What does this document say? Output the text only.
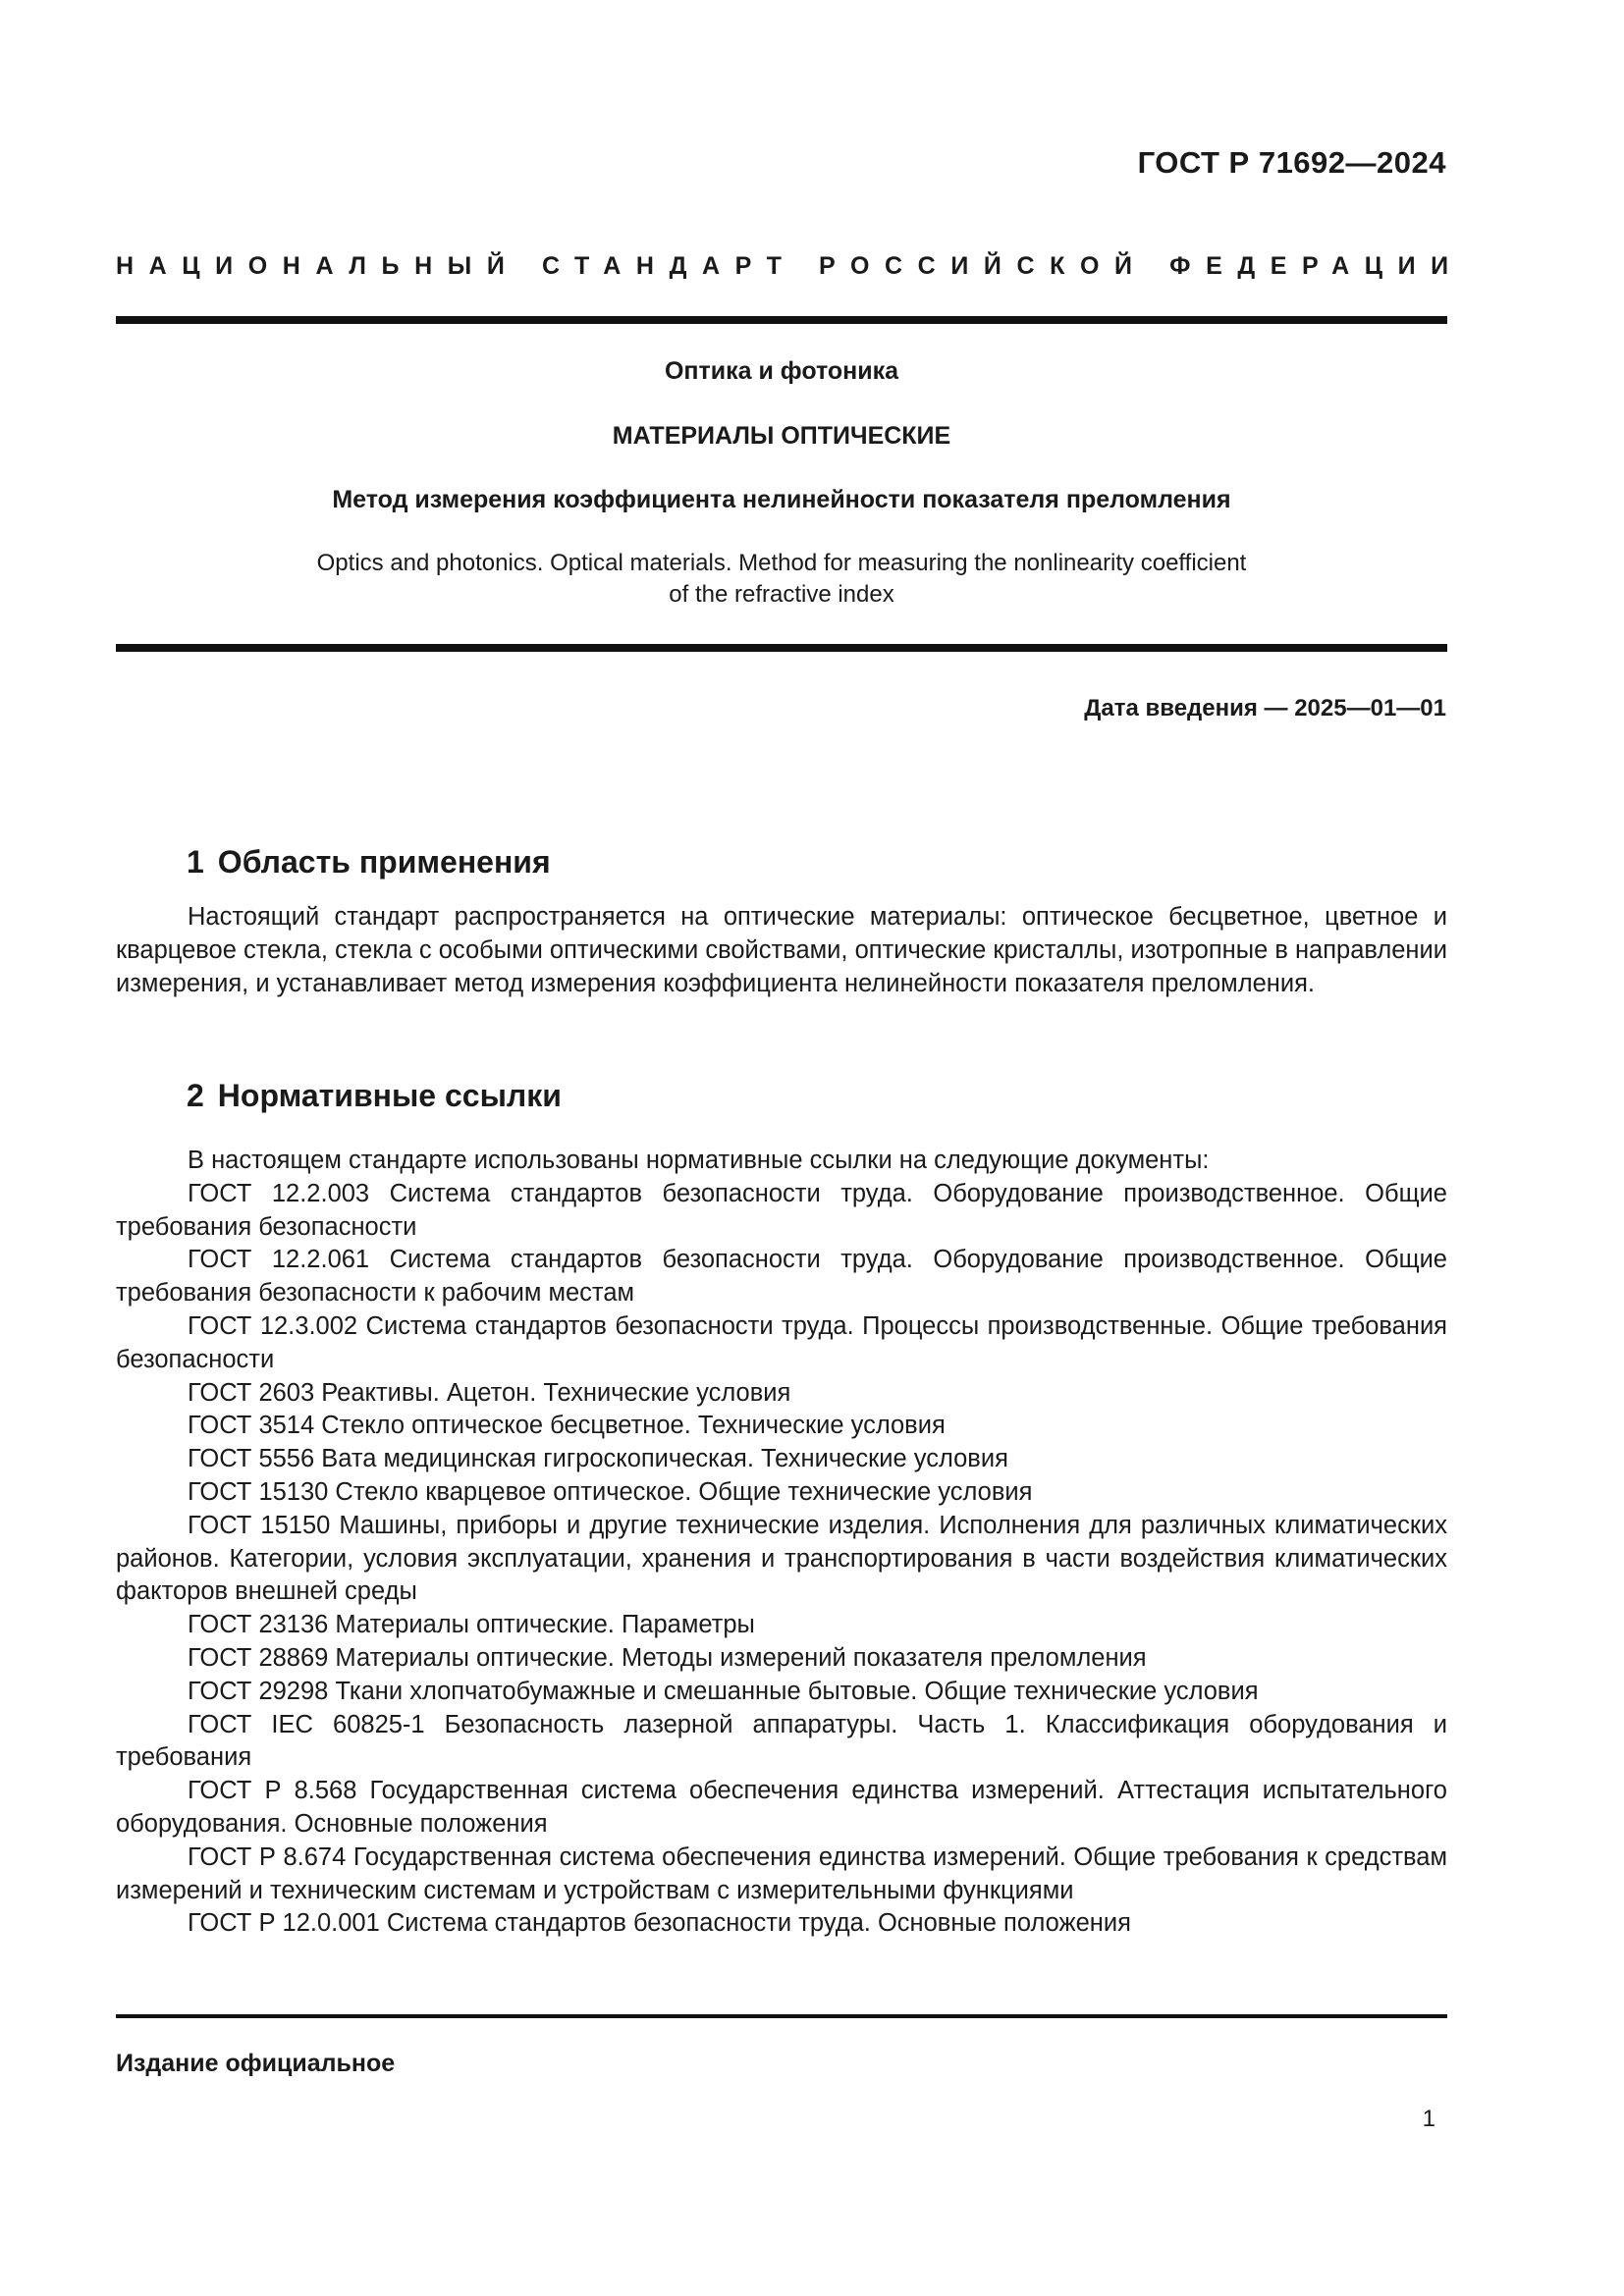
ГОСТ Р 71692—2024
НАЦИОНАЛЬНЫЙ СТАНДАРТ РОССИЙСКОЙ ФЕДЕРАЦИИ
Оптика и фотоника
МАТЕРИАЛЫ ОПТИЧЕСКИЕ
Метод измерения коэффициента нелинейности показателя преломления
Optics and photonics. Optical materials. Method for measuring the nonlinearity coefficient
of the refractive index
Дата введения — 2025—01—01
1 Область применения

Настоящий стандарт распространяется на оптические материалы: оптическое бесцветное, цветное и кварцевое стекла, стекла с особыми оптическими свойствами, оптические кристаллы, изотропные в направлении измерения, и устанавливает метод измерения коэффициента нелинейности показателя преломления.

2 Нормативные ссылки

В настоящем стандарте использованы нормативные ссылки на следующие документы:

ГОСТ 12.2.003 Система стандартов безопасности труда. Оборудование производственное. Общие требования безопасности

ГОСТ 12.2.061 Система стандартов безопасности труда. Оборудование производственное. Общие требования безопасности к рабочим местам

ГОСТ 12.3.002 Система стандартов безопасности труда. Процессы производственные. Общие требования безопасности

ГОСТ 2603 Реактивы. Ацетон. Технические условия

ГОСТ 3514 Стекло оптическое бесцветное. Технические условия

ГОСТ 5556 Вата медицинская гигроскопическая. Технические условия

ГОСТ 15130 Стекло кварцевое оптическое. Общие технические условия

ГОСТ 15150 Машины, приборы и другие технические изделия. Исполнения для различных климатических районов. Категории, условия эксплуатации, хранения и транспортирования в части воздействия климатических факторов внешней среды

ГОСТ 23136 Материалы оптические. Параметры

ГОСТ 28869 Материалы оптические. Методы измерений показателя преломления

ГОСТ 29298 Ткани хлопчатобумажные и смешанные бытовые. Общие технические условия

ГОСТ IEC 60825-1 Безопасность лазерной аппаратуры. Часть 1. Классификация оборудования и требования

ГОСТ Р 8.568 Государственная система обеспечения единства измерений. Аттестация испытательного оборудования. Основные положения

ГОСТ Р 8.674 Государственная система обеспечения единства измерений. Общие требования к средствам измерений и техническим системам и устройствам с измерительными функциями

ГОСТ Р 12.0.001 Система стандартов безопасности труда. Основные положения

Издание официальное
1
